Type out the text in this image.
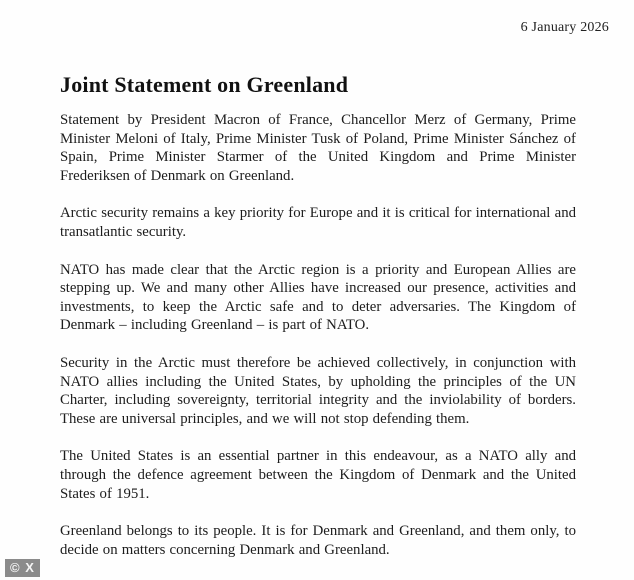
6 January 2026
Joint Statement on Greenland

Statement by President Macron of France, Chancellor Merz of Germany, Prime Minister Meloni of Italy, Prime Minister Tusk of Poland, Prime Minister Sánchez of Spain, Prime Minister Starmer of the United Kingdom and Prime Minister Frederiksen of Denmark on Greenland.

Arctic security remains a key priority for Europe and it is critical for international and transatlantic security.

NATO has made clear that the Arctic region is a priority and European Allies are stepping up. We and many other Allies have increased our presence, activities and investments, to keep the Arctic safe and to deter adversaries. The Kingdom of Denmark – including Greenland – is part of NATO.

Security in the Arctic must therefore be achieved collectively, in conjunction with NATO allies including the United States, by upholding the principles of the UN Charter, including sovereignty, territorial integrity and the inviolability of borders. These are universal principles, and we will not stop defending them.

The United States is an essential partner in this endeavour, as a NATO ally and through the defence agreement between the Kingdom of Denmark and the United States of 1951.

Greenland belongs to its people. It is for Denmark and Greenland, and them only, to decide on matters concerning Denmark and Greenland.

© X
